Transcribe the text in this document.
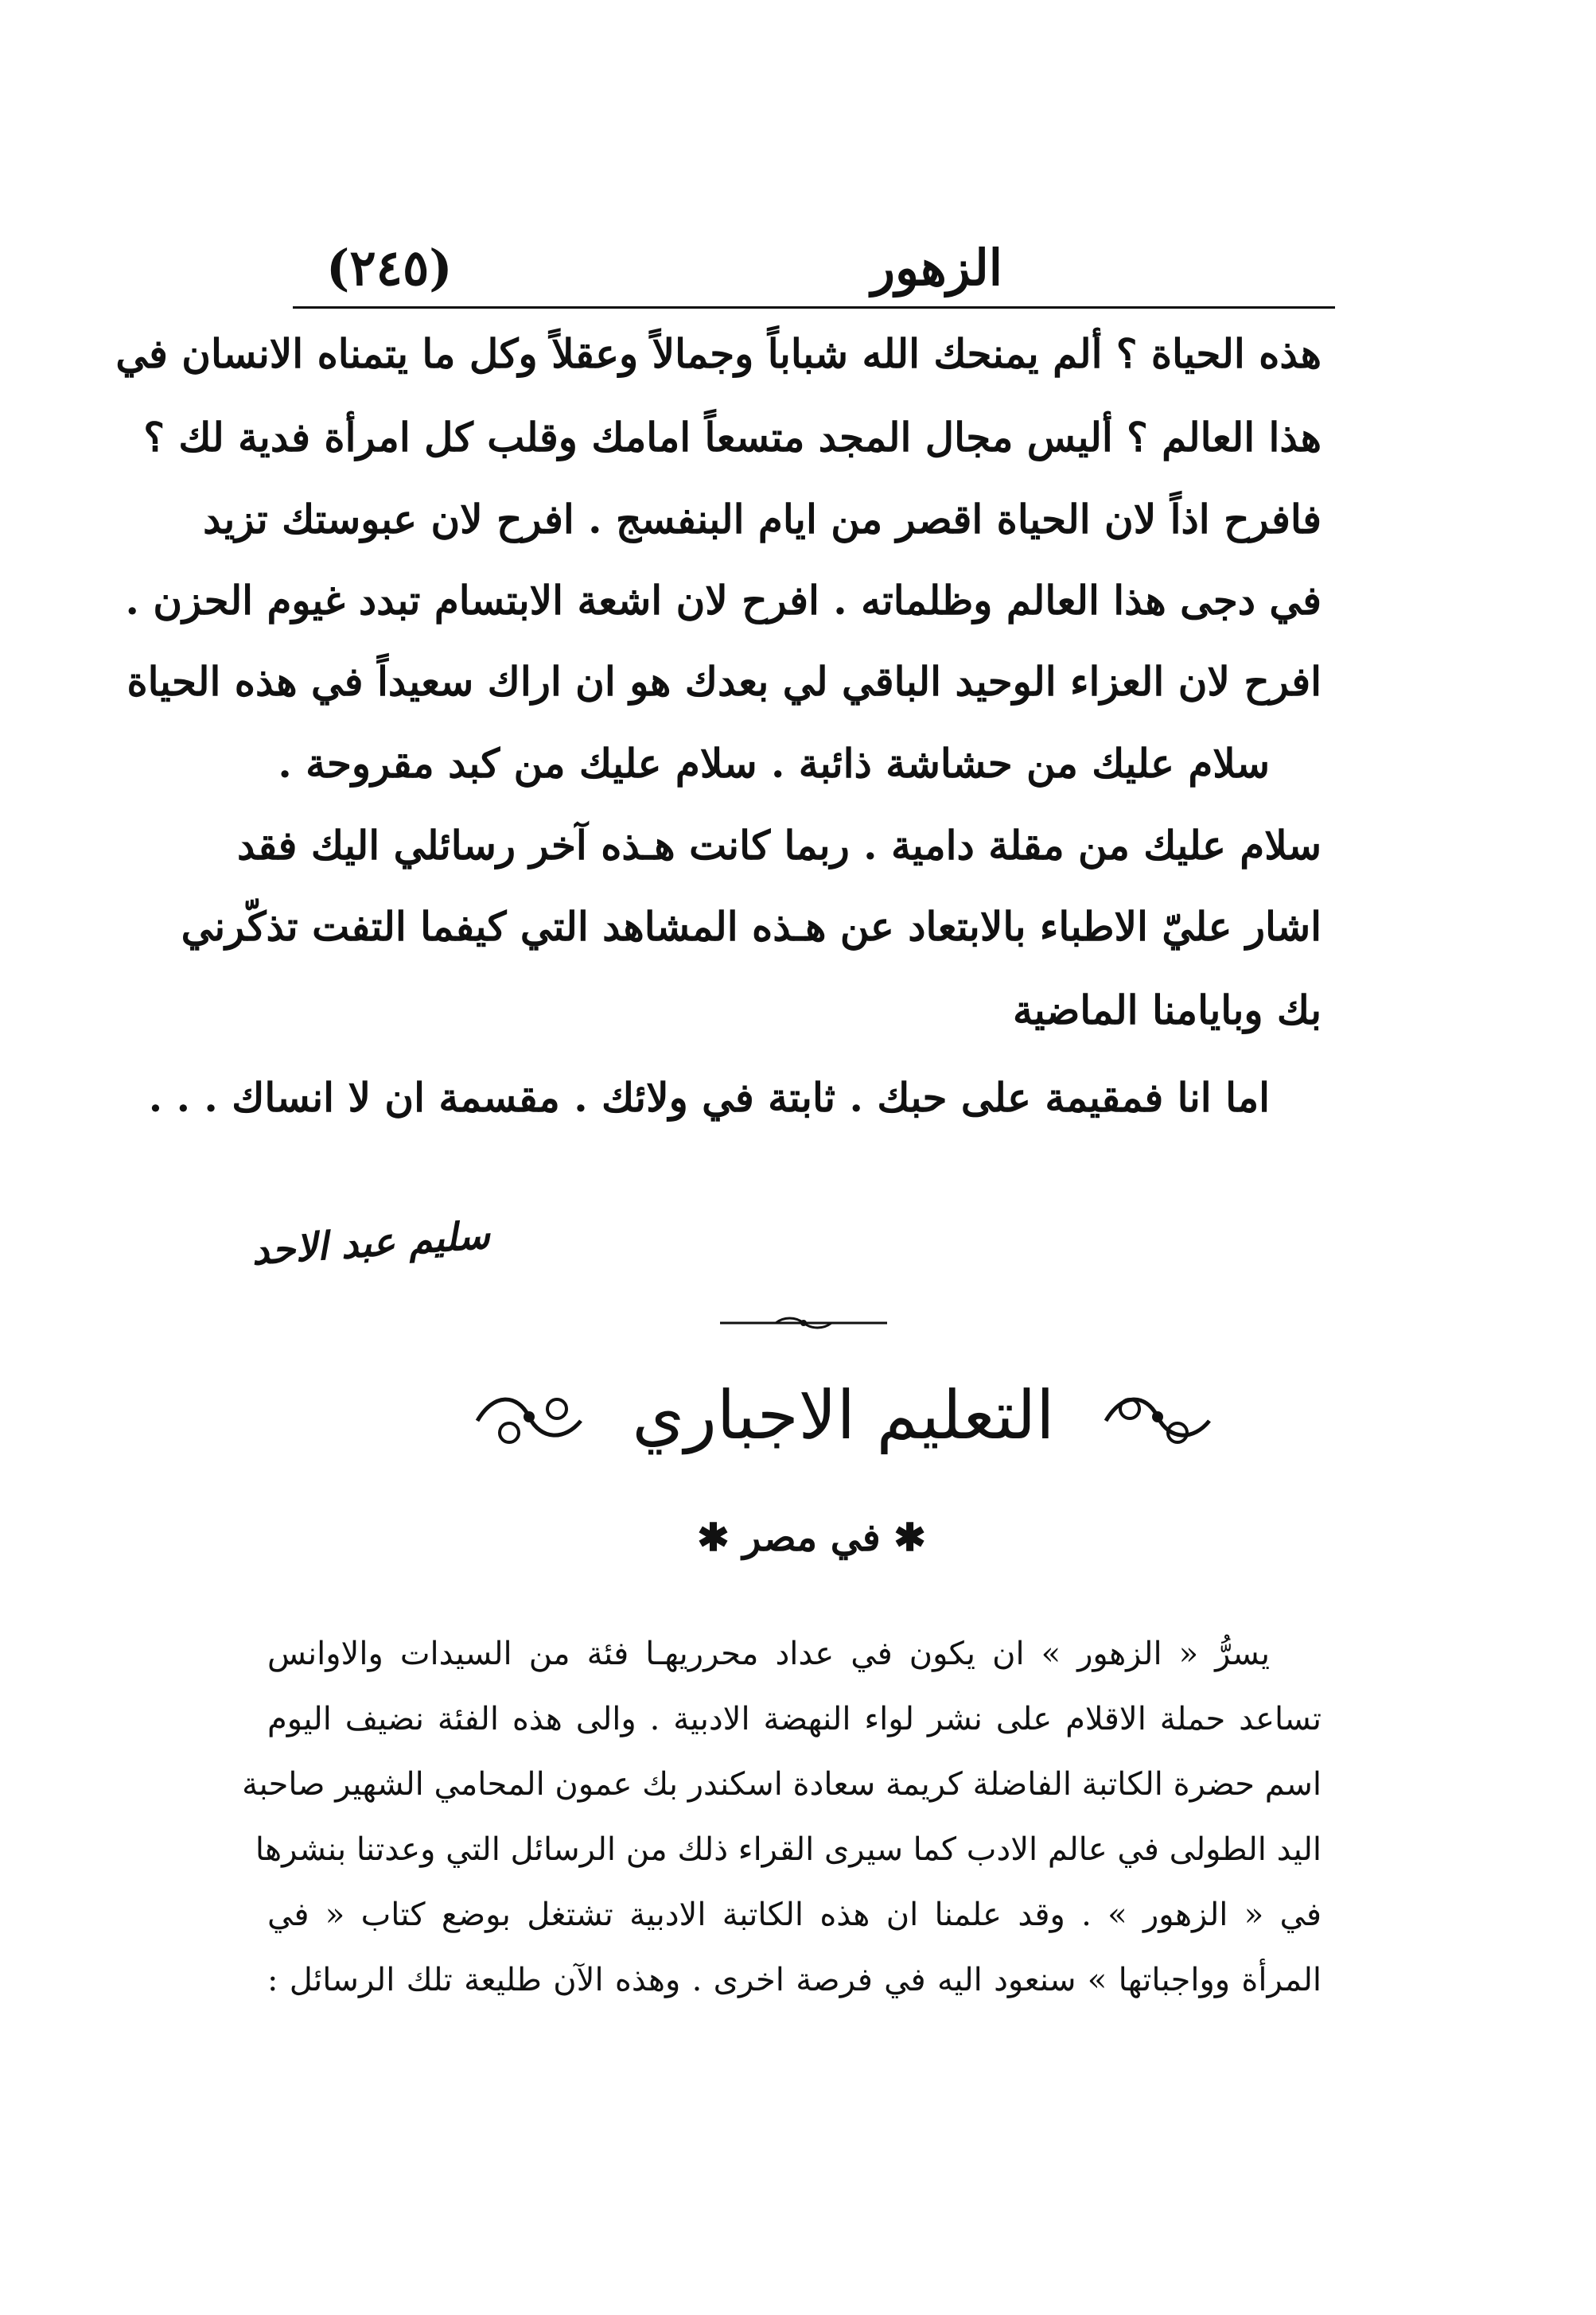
الزهور
(٢٤٥)
هذه الحياة ؟ ألم يمنحك الله شباباً وجمالاً وعقلاً وكل ما يتمناه الانسان في
هذا العالم ؟ أليس مجال المجد متسعاً امامك وقلب كل امرأة فدية لك ؟
فافرح اذاً لان الحياة اقصر من ايام البنفسج . افرح لان عبوستك تزيد
في دجى هذا العالم وظلماته . افرح لان اشعة الابتسام تبدد غيوم الحزن .
افرح لان العزاء الوحيد الباقي لي بعدك هو ان اراك سعيداً في هذه الحياة
سلام عليك من حشاشة ذائبة . سلام عليك من كبد مقروحة .
سلام عليك من مقلة دامية . ربما كانت هـذه آخر رسائلي اليك فقد
اشار عليّ الاطباء بالابتعاد عن هـذه المشاهد التي كيفما التفت تذكّرني
بك وبايامنا الماضية
اما انا فمقيمة على حبك . ثابتة في ولائك . مقسمة ان لا انساك . . .
سليم عبد الاحد
التعليم الاجباري
✱ في مصر ✱
يسرُّ « الزهور » ان يكون في عداد محرريهـا فئة من السيدات والاوانس
تساعد حملة الاقلام على نشر لواء النهضة الادبية . والى هذه الفئة نضيف اليوم
اسم حضرة الكاتبة الفاضلة كريمة سعادة اسكندر بك عمون المحامي الشهير صاحبة
اليد الطولى في عالم الادب كما سيرى القراء ذلك من الرسائل التي وعدتنا بنشرها
في « الزهور » . وقد علمنا ان هذه الكاتبة الادبية تشتغل بوضع كتاب « في
المرأة وواجباتها » سنعود اليه في فرصة اخرى . وهذه الآن طليعة تلك الرسائل :
